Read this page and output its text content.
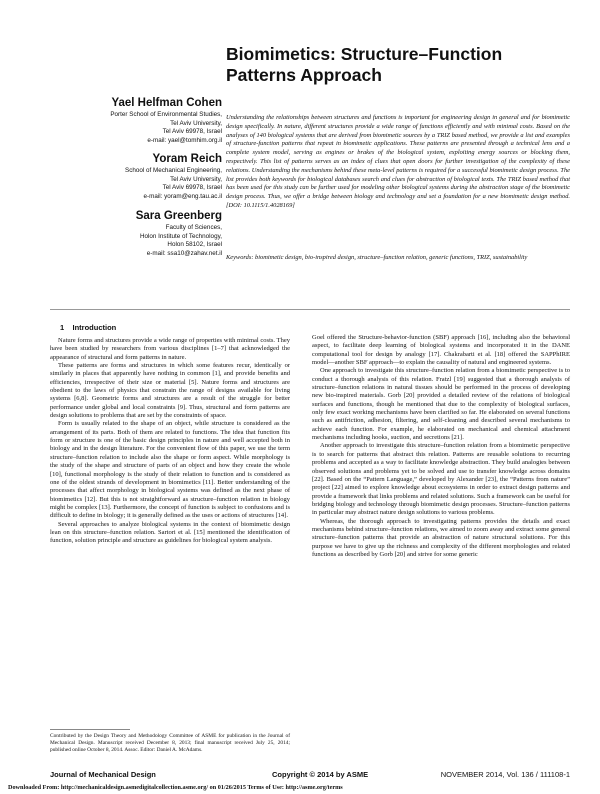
Yael Helfman Cohen
Porter School of Environmental Studies,
Tel Aviv University,
Tel Aviv 69978, Israel
e-mail: yael@tomhim.org.il
Yoram Reich
School of Mechanical Engineering,
Tel Aviv University,
Tel Aviv 69978, Israel
e-mail: yoram@eng.tau.ac.il
Sara Greenberg
Faculty of Sciences,
Holon Institute of Technology,
Holon 58102, Israel
e-mail: ssa10@zahav.net.il
Biomimetics: Structure–Function Patterns Approach
Understanding the relationships between structures and functions is important for engineering design in general and for biomimetic design specifically. In nature, different structures provide a wide range of functions efficiently and with minimal costs. Based on the analyses of 140 biological systems that are derived from biomimetic sources by a TRIZ based method, we provide a list and examples of structure-function patterns that repeat in biomimetic applications. These patterns are presented through a technical lens and a complete system model, serving as engines or brakes of the biological system, exploiting energy sources or blocking them, respectively. This list of patterns serves as an index of clues that open doors for further investigation of the complexity of these relations. Understanding the mechanisms behind these meta-level patterns is required for a successful biomimetic design process. The list provides both keywords for biological databases search and clues for abstraction of biological texts. The TRIZ based method that has been used for this study can be further used for modeling other biological systems during the abstraction stage of the biomimetic design process. Thus, we offer a bridge between biology and technology and set a foundation for a new biomimetic design method. [DOI: 10.1115/1.4028169]
Keywords: biomimetic design, bio-inspired design, structure–function relation, generic functions, TRIZ, sustainability
1 Introduction

Nature forms and structures provide a wide range of properties with minimal costs. They have been studied by researchers from various disciplines [1–7] that acknowledged the appearance of structural and form patterns in nature.

These patterns are forms and structures in which some features recur, identically or similarly in places that apparently have nothing in common [1], and provide benefits and efficiencies, irrespective of their size or material [5]. Nature forms and structures are obedient to the laws of physics that constrain the range of designs available for living systems [6,8]. Geometric forms and structures are a result of the struggle for better performance under global and local constraints [9]. Thus, structural and form patterns are design solutions to problems that are set by the constraints of space.

Form is usually related to the shape of an object, while structure is considered as the arrangement of its parts. Both of them are related to functions. The idea that function fits form or structure is one of the basic design principles in nature and well accepted both in biology and in the design literature. For the convenient flow of this paper, we use the term structure–function relation to include also the shape or form aspect. While morphology is the study of the shape and structure of parts of an object and how they create the whole [10], functional morphology is the study of their relation to function and is considered as one of the oldest strands of development in biomimetics [11]. Better understanding of the processes that affect morphology in biological systems was defined as the next phase of biomimetics [12]. But this is not straightforward as structure–function relation in biology might be complex [13]. Furthermore, the concept of function is subject to confusions and is difficult to define in biology; it is generally defined as the uses or actions of structures [14].

Several approaches to analyze biological systems in the context of biomimetic design lean on this structure–function relation. Sartori et al. [15] mentioned the identification of function, solution principle and structure as guidelines for biological system analysis.

Goel offered the Structure-behavior-function (SBF) approach [16], including also the behavioral aspect, to facilitate deep learning of biological systems and incorporated it in the DANE computational tool for design by analogy [17]. Chakrabarti et al. [18] offered the SAPPhIRE model—another SBF approach—to explain the causality of natural and engineered systems.

One approach to investigate this structure–function relation from a biomimetic perspective is to conduct a thorough analysis of this relation. Fratzl [19] suggested that a thorough analysis of structure–function relations in natural tissues should be performed in the process of developing new bio-inspired materials. Gorb [20] provided a detailed review of the relations of biological surfaces and functions, though he mentioned that due to the complexity of biological surfaces, only few exact working mechanisms have been clarified so far. He elaborated on several functions such as antifriction, adhesion, filtering, and self-cleaning and described several mechanisms to achieve each function. For example, he elaborated on mechanical and chemical attachment mechanisms including hooks, suction, and secretions [21].

Another approach to investigate this structure–function relation from a biomimetic perspective is to search for patterns that abstract this relation. Patterns are reusable solutions to recurring problems and accepted as a way to facilitate knowledge abstraction. They build analogies between observed solutions and problems yet to be solved and use to transfer knowledge across domains [22]. Based on the “Pattern Language,” developed by Alexander [23], the “Patterns from nature” project [22] aimed to explore knowledge about ecosystems in order to extract design patterns and provide a framework that links problems and related solutions. Such a framework can be useful for bridging biology and technology through biomimetic design processes. Structure–function patterns in particular may abstract nature design solutions to various problems.

Whereas, the thorough approach to investigating patterns provides the details and exact mechanisms behind structure–function relations, we aimed to zoom away and extract some general structure–function patterns that provide an abstraction of nature structural solutions. For this purpose we have to give up the richness and complexity of the different morphologies and related functions as described by Gorb [20] and strive for some generic

Contributed by the Design Theory and Methodology Committee of ASME for publication in the Journal of Mechanical Design. Manuscript received December 8, 2013; final manuscript received July 25, 2014; published online October 8, 2014. Assoc. Editor: Daniel A. McAdams.
Journal of Mechanical Design	Copyright © 2014 by ASME	NOVEMBER 2014, Vol. 136 / 111108-1
Downloaded From: http://mechanicaldesign.asmedigitalcollection.asme.org/ on 01/26/2015 Terms of Use: http://asme.org/terms
